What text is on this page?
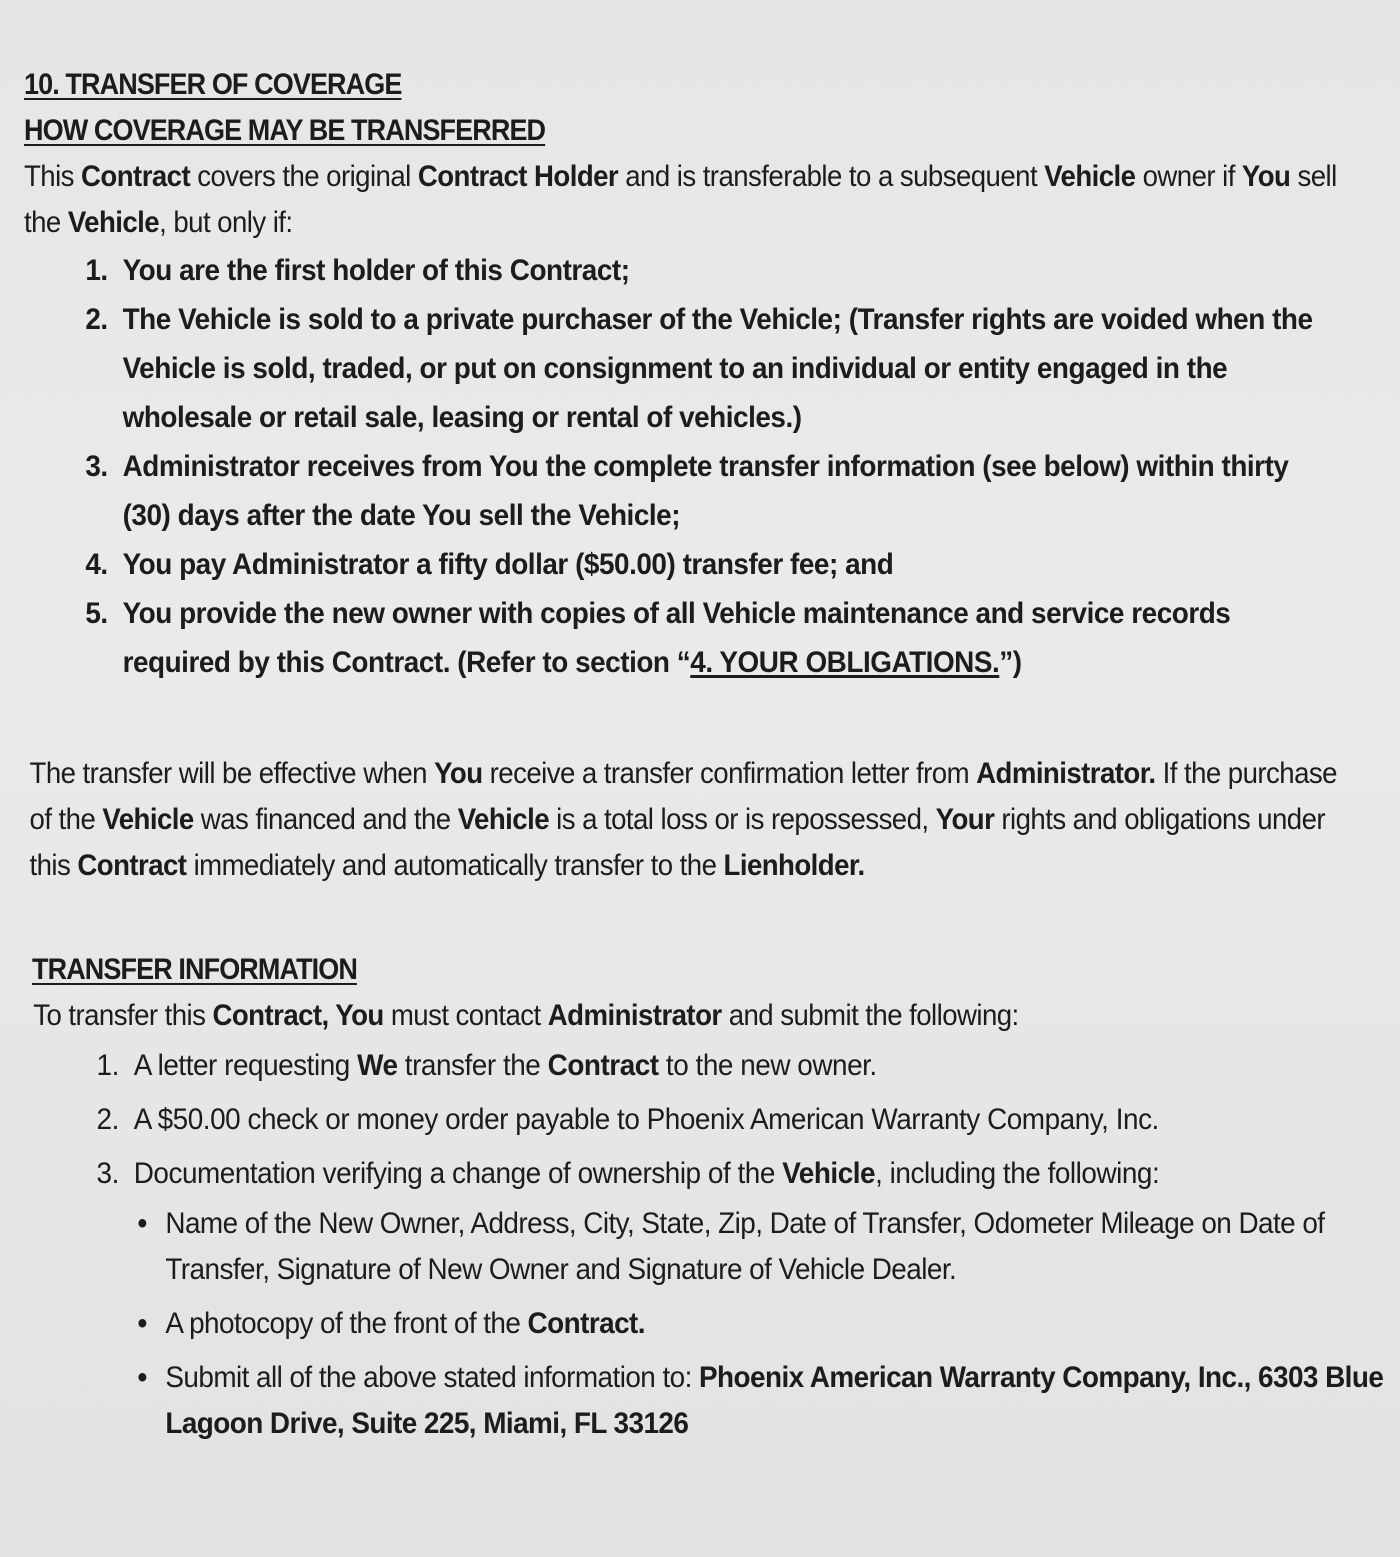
10. TRANSFER OF COVERAGE
HOW COVERAGE MAY BE TRANSFERRED

This Contract covers the original Contract Holder and is transferable to a subsequent Vehicle owner if You sell the Vehicle, but only if:

1. You are the first holder of this Contract;
2. The Vehicle is sold to a private purchaser of the Vehicle; (Transfer rights are voided when the Vehicle is sold, traded, or put on consignment to an individual or entity engaged in the wholesale or retail sale, leasing or rental of vehicles.)
3. Administrator receives from You the complete transfer information (see below) within thirty (30) days after the date You sell the Vehicle;
4. You pay Administrator a fifty dollar ($50.00) transfer fee; and
5. You provide the new owner with copies of all Vehicle maintenance and service records required by this Contract. (Refer to section “4. YOUR OBLIGATIONS.”)

The transfer will be effective when You receive a transfer confirmation letter from Administrator. If the purchase of the Vehicle was financed and the Vehicle is a total loss or is repossessed, Your rights and obligations under this Contract immediately and automatically transfer to the Lienholder.

TRANSFER INFORMATION

To transfer this Contract, You must contact Administrator and submit the following:

1. A letter requesting We transfer the Contract to the new owner.
2. A $50.00 check or money order payable to Phoenix American Warranty Company, Inc.
3. Documentation verifying a change of ownership of the Vehicle, including the following:
• Name of the New Owner, Address, City, State, Zip, Date of Transfer, Odometer Mileage on Date of Transfer, Signature of New Owner and Signature of Vehicle Dealer.
• A photocopy of the front of the Contract.
• Submit all of the above stated information to: Phoenix American Warranty Company, Inc., 6303 Blue Lagoon Drive, Suite 225, Miami, FL 33126
